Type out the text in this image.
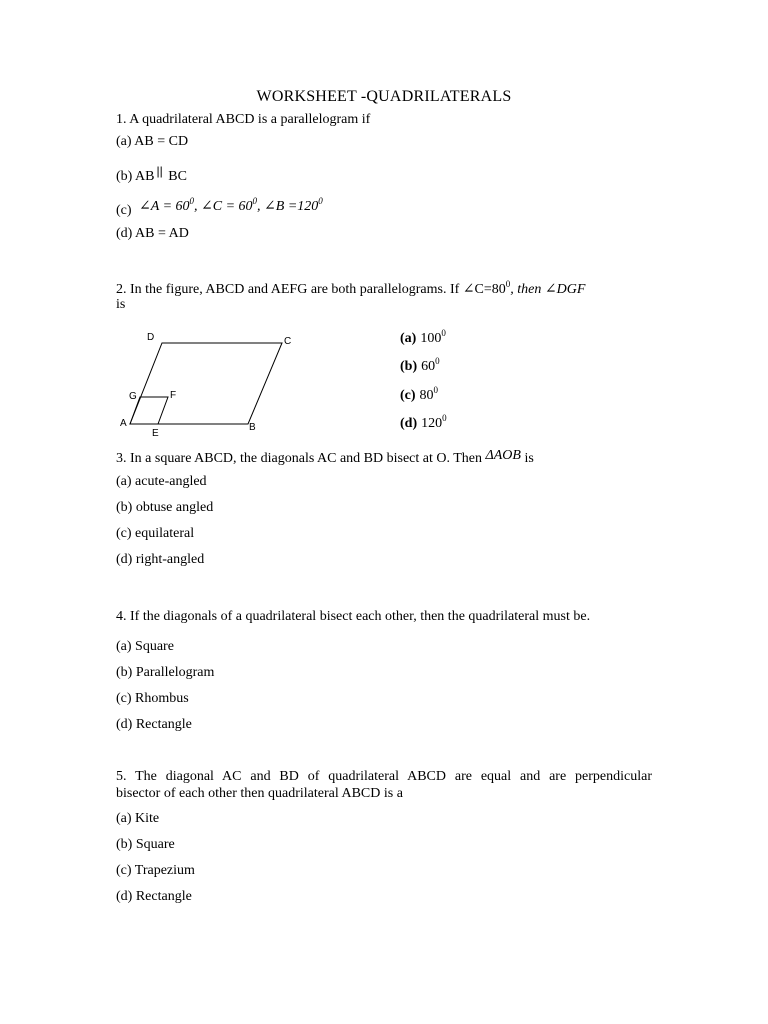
WORKSHEET -QUADRILATERALS
1. A quadrilateral ABCD is a parallelogram if
(a) AB = CD
(b) AB || BC
(c) ∠A = $60^0$, ∠C = $60^0$, ∠B $=120^0$
(d) AB = AD
2. In the figure, ABCD and AEFG are both parallelograms. If $\angle C=80^0$, then ∠DGF
is
D	C
G	F
A
E
B
(a) $100^0$
(b) $60^0$
(c) $80^0$
(d) $120^0$
3. In a square ABCD, the diagonals AC and BD bisect at O. Then ΔAOB is
(a) acute-angled
(b) obtuse angled
(c) equilateral
(d) right-angled
4. If the diagonals of a quadrilateral bisect each other, then the quadrilateral must be.
(a) Square
(b) Parallelogram
(c) Rhombus
(d) Rectangle
5. The diagonal AC and BD of quadrilateral ABCD are equal and are perpendicular
bisector of each other then quadrilateral ABCD is a
(a) Kite
(b) Square
(c) Trapezium
(d) Rectangle
